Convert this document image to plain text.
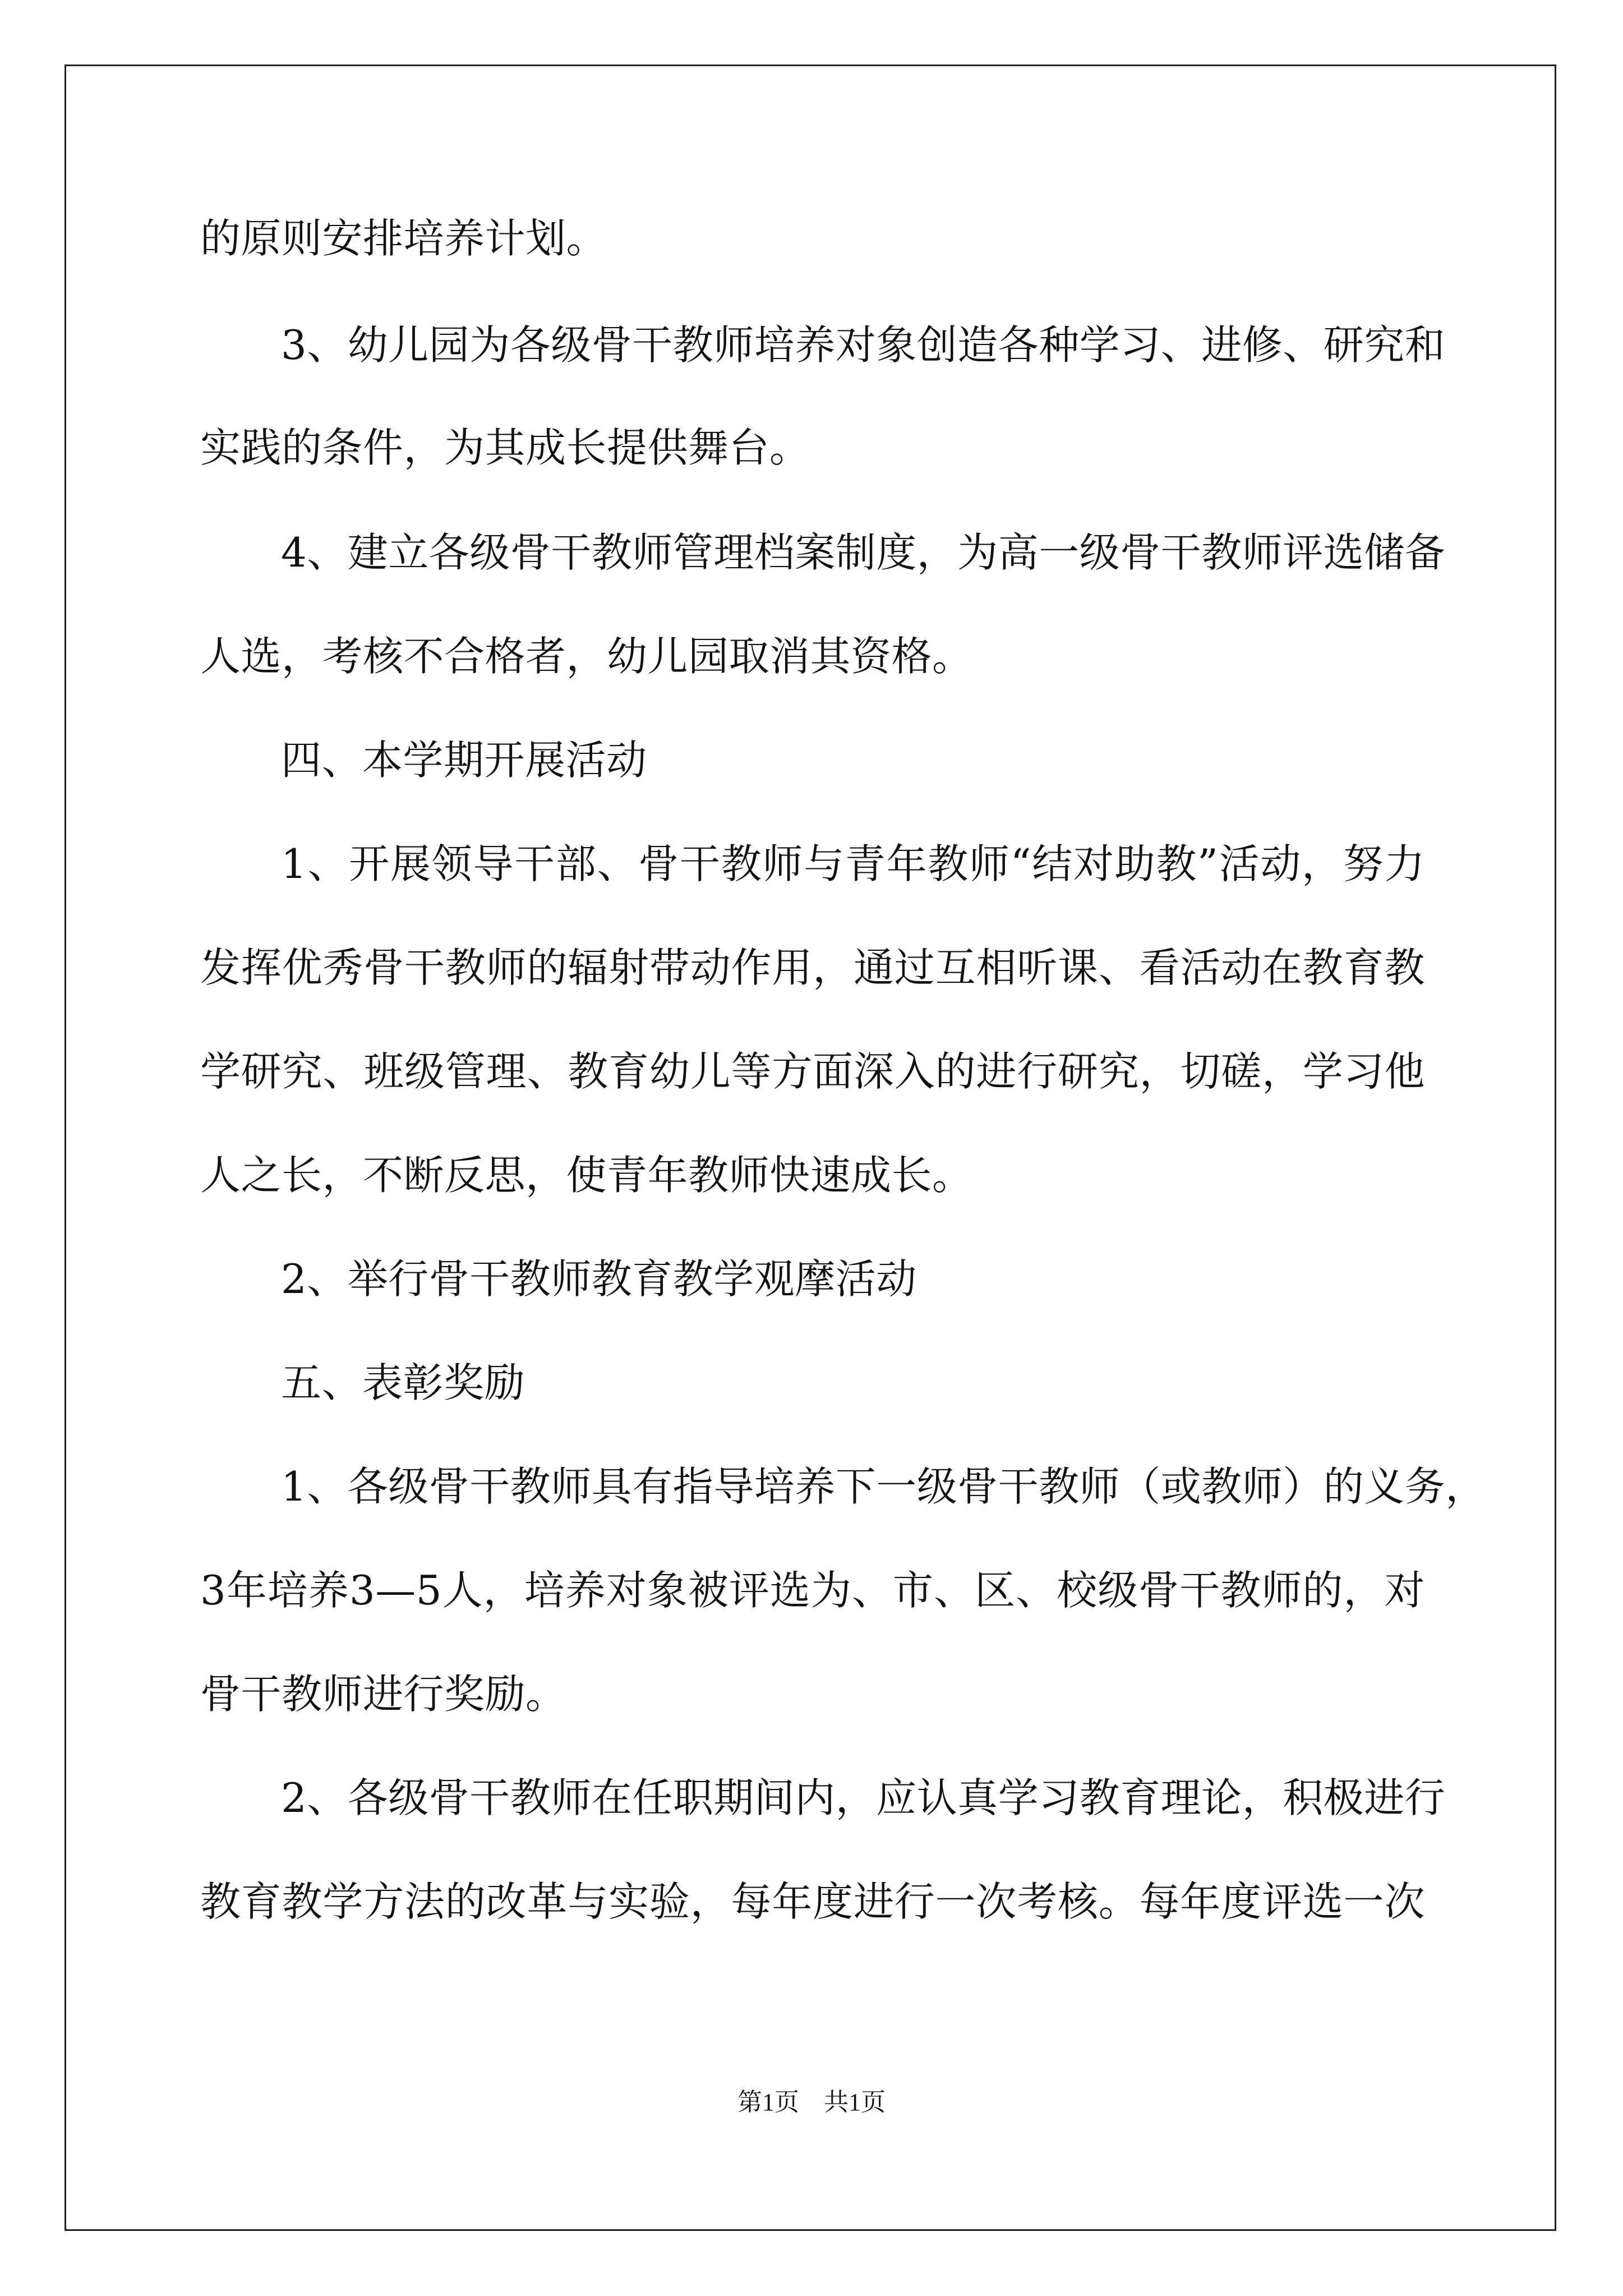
的原则安排培养计划。
3、幼儿园为各级骨干教师培养对象创造各种学习、进修、研究和
实践的条件，为其成长提供舞台。
4、建立各级骨干教师管理档案制度，为高一级骨干教师评选储备
人选，考核不合格者，幼儿园取消其资格。
四、本学期开展活动
1、开展领导干部、骨干教师与青年教师“结对助教”活动，努力
发挥优秀骨干教师的辐射带动作用，通过互相听课、看活动在教育教
学研究、班级管理、教育幼儿等方面深入的进行研究，切磋，学习他
人之长，不断反思，使青年教师快速成长。
2、举行骨干教师教育教学观摩活动
五、表彰奖励
1、各级骨干教师具有指导培养下一级骨干教师（或教师）的义务，
3年培养3—5人，培养对象被评选为、市、区、校级骨干教师的，对
骨干教师进行奖励。
2、各级骨干教师在任职期间内，应认真学习教育理论，积极进行
教育教学方法的改革与实验，每年度进行一次考核。每年度评选一次
第1页　共1页
